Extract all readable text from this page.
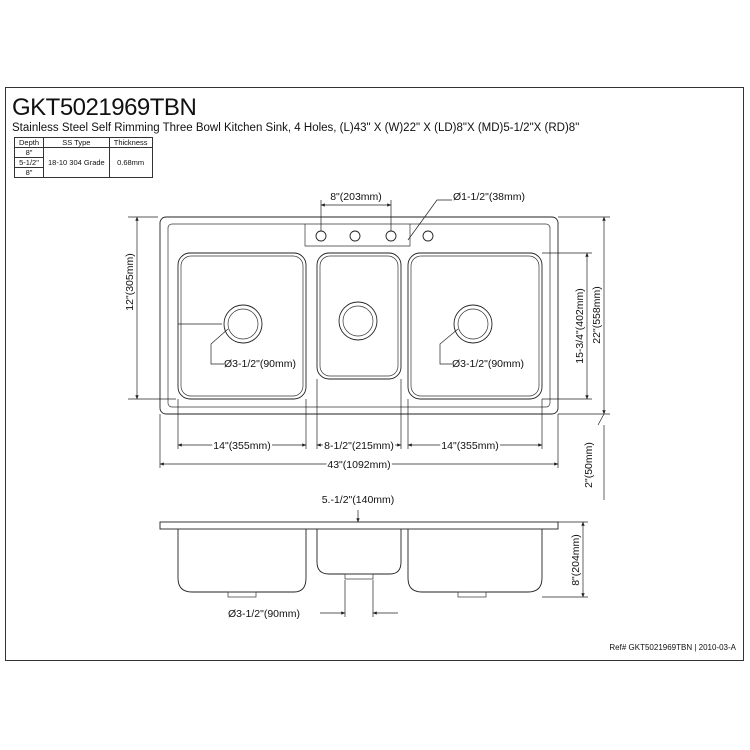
GKT5021969TBN
Stainless Steel Self Rimming Three Bowl Kitchen Sink, 4 Holes, (L)43" X (W)22" X (LD)8"X (MD)5-1/2"X (RD)8"
Depth	SS Type	Thickness
8"	18-10 304 Grade	0.68mm
5-1/2"		
8"		
8"(203mm)	Ø1-1/2"(38mm)
12"(305mm)
Ø3-1/2"(90mm)	Ø3-1/2"(90mm)
15-3/4"(402mm) 22"(558mm)
14"(355mm)	8-1/2"(215mm)	14"(355mm)
43"(1092mm)	2"(50mm)
5.-1/2"(140mm)
8"(204mm)
Ø3-1/2"(90mm)
Ref# GKT5021969TBN | 2010-03-A
